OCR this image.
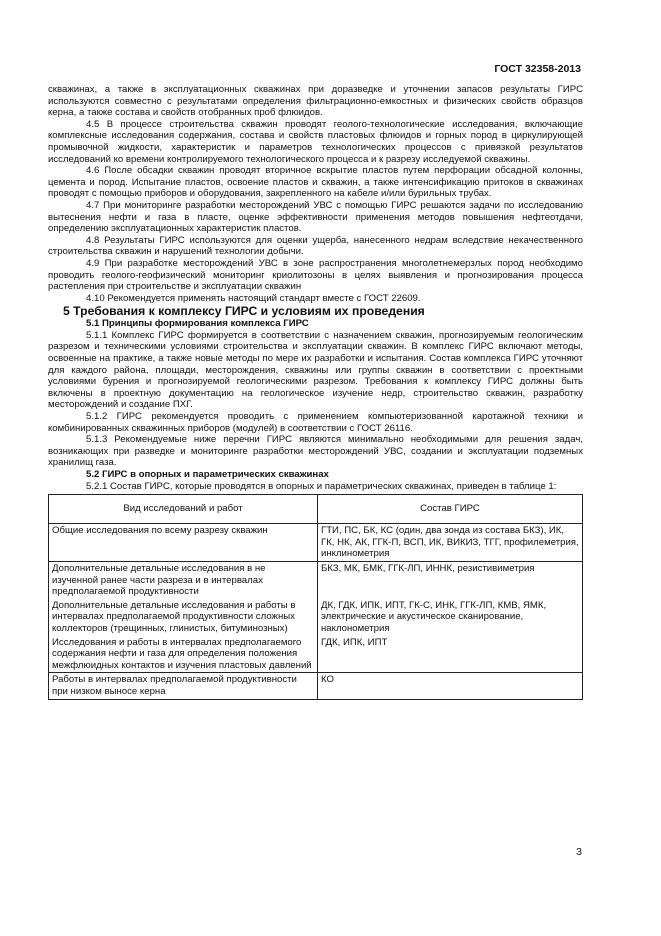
ГОСТ 32358-2013

скважинах, а также в эксплуатационных скважинах при доразведке и уточнении запасов результаты ГИРС используются совместно с результатами определения фильтрационно-емкостных и физических свойств образцов керна, а также состава и свойств отобранных проб флюидов.

4.5 В процессе строительства скважин проводят геолого-технологические исследования, включающие комплексные исследования содержания, состава и свойств пластовых флюидов и горных пород в циркулирующей промывочной жидкости, характеристик и параметров технологических процессов с привязкой результатов исследований ко времени контролируемого технологического процесса и к разрезу исследуемой скважины.

4.6 После обсадки скважин проводят вторичное вскрытие пластов путем перфорации обсадной колонны, цемента и пород. Испытание пластов, освоение пластов и скважин, а также интенсификацию притоков в скважинах проводят с помощью приборов и оборудования, закрепленного на кабеле и/или бурильных трубах.

4.7 При мониторинге разработки месторождений УВС с помощью ГИРС решаются задачи по исследованию вытеснения нефти и газа в пласте, оценке эффективности применения методов повышения нефтеотдачи, определению эксплуатационных характеристик пластов.

4.8 Результаты ГИРС используются для оценки ущерба, нанесенного недрам вследствие некачественного строительства скважин и нарушений технологии добычи.

4.9 При разработке месторождений УВС в зоне распространения многолетнемерзлых пород необходимо проводить геолого-геофизический мониторинг криолитозоны в целях выявления и прогнозирования процесса растепления при строительстве и эксплуатации скважин

4.10 Рекомендуется применять настоящий стандарт вместе с ГОСТ 22609.

5 Требования к комплексу ГИРС и условиям их проведения

5.1 Принципы формирования комплекса ГИРС

5.1.1 Комплекс ГИРС формируется в соответствии с назначением скважин, прогнозируемым геологическим разрезом и техническими условиями строительства и эксплуатации скважин. В комплекс ГИРС включают методы, освоенные на практике, а также новые методы по мере их разработки и испытания. Состав комплекса ГИРС уточняют для каждого района, площади, месторождения, скважины или группы скважин в соответствии с проектными условиями бурения и прогнозируемой геологическими разрезом. Требования к комплексу ГИРС должны быть включены в проектную документацию на геологическое изучение недр, строительство скважин, разработку месторождений и создание ПХГ.

5.1.2 ГИРС рекомендуется проводить с применением компьютеризованной каротажной техники и комбинированных скважинных приборов (модулей) в соответствии с ГОСТ 26116.

5.1.3 Рекомендуемые ниже перечни ГИРС являются минимально необходимыми для решения задач, возникающих при разведке и мониторинге разработки месторождений УВС, создании и эксплуатации подземных хранилищ газа.

5.2 ГИРС в опорных и параметрических скважинах

5.2.1 Состав ГИРС, которые проводятся в опорных и параметрических скважинах, приведен в таблице 1:

Вид исследований и работ	Состав ГИРС
Общие исследования по всему разрезу скважин	ГТИ, ПС, БК, КС (один, два зонда из состава БКЗ), ИК, ГК, НК, АК, ГГК-П, ВСП, ИК, ВИКИЗ, ТГГ, профилеметрия, инклинометрия
Дополнительные детальные исследования в не изученной ранее части разреза и в интервалах предполагаемой продуктивности	БКЗ, МК, БМК, ГГК-ЛП, ИННК, резистивиметрия
Дополнительные детальные исследования и работы в интервалах предполагаемой продуктивности сложных коллекторов (трещинных, глинистых, битуминозных)	ДК, ГДК, ИПК, ИПТ, ГК-С, ИНК, ГГК-ЛП, КМВ, ЯМК, электрические и акустическое сканирование, наклонометрия
Исследования и работы в интервалах предполагаемого содержания нефти и газа для определения положения межфлюидных контактов и изучения пластовых давлений	ГДК, ИПК, ИПТ
Работы в интервалах предполагаемой продуктивности при низком выносе керна	КО
3
